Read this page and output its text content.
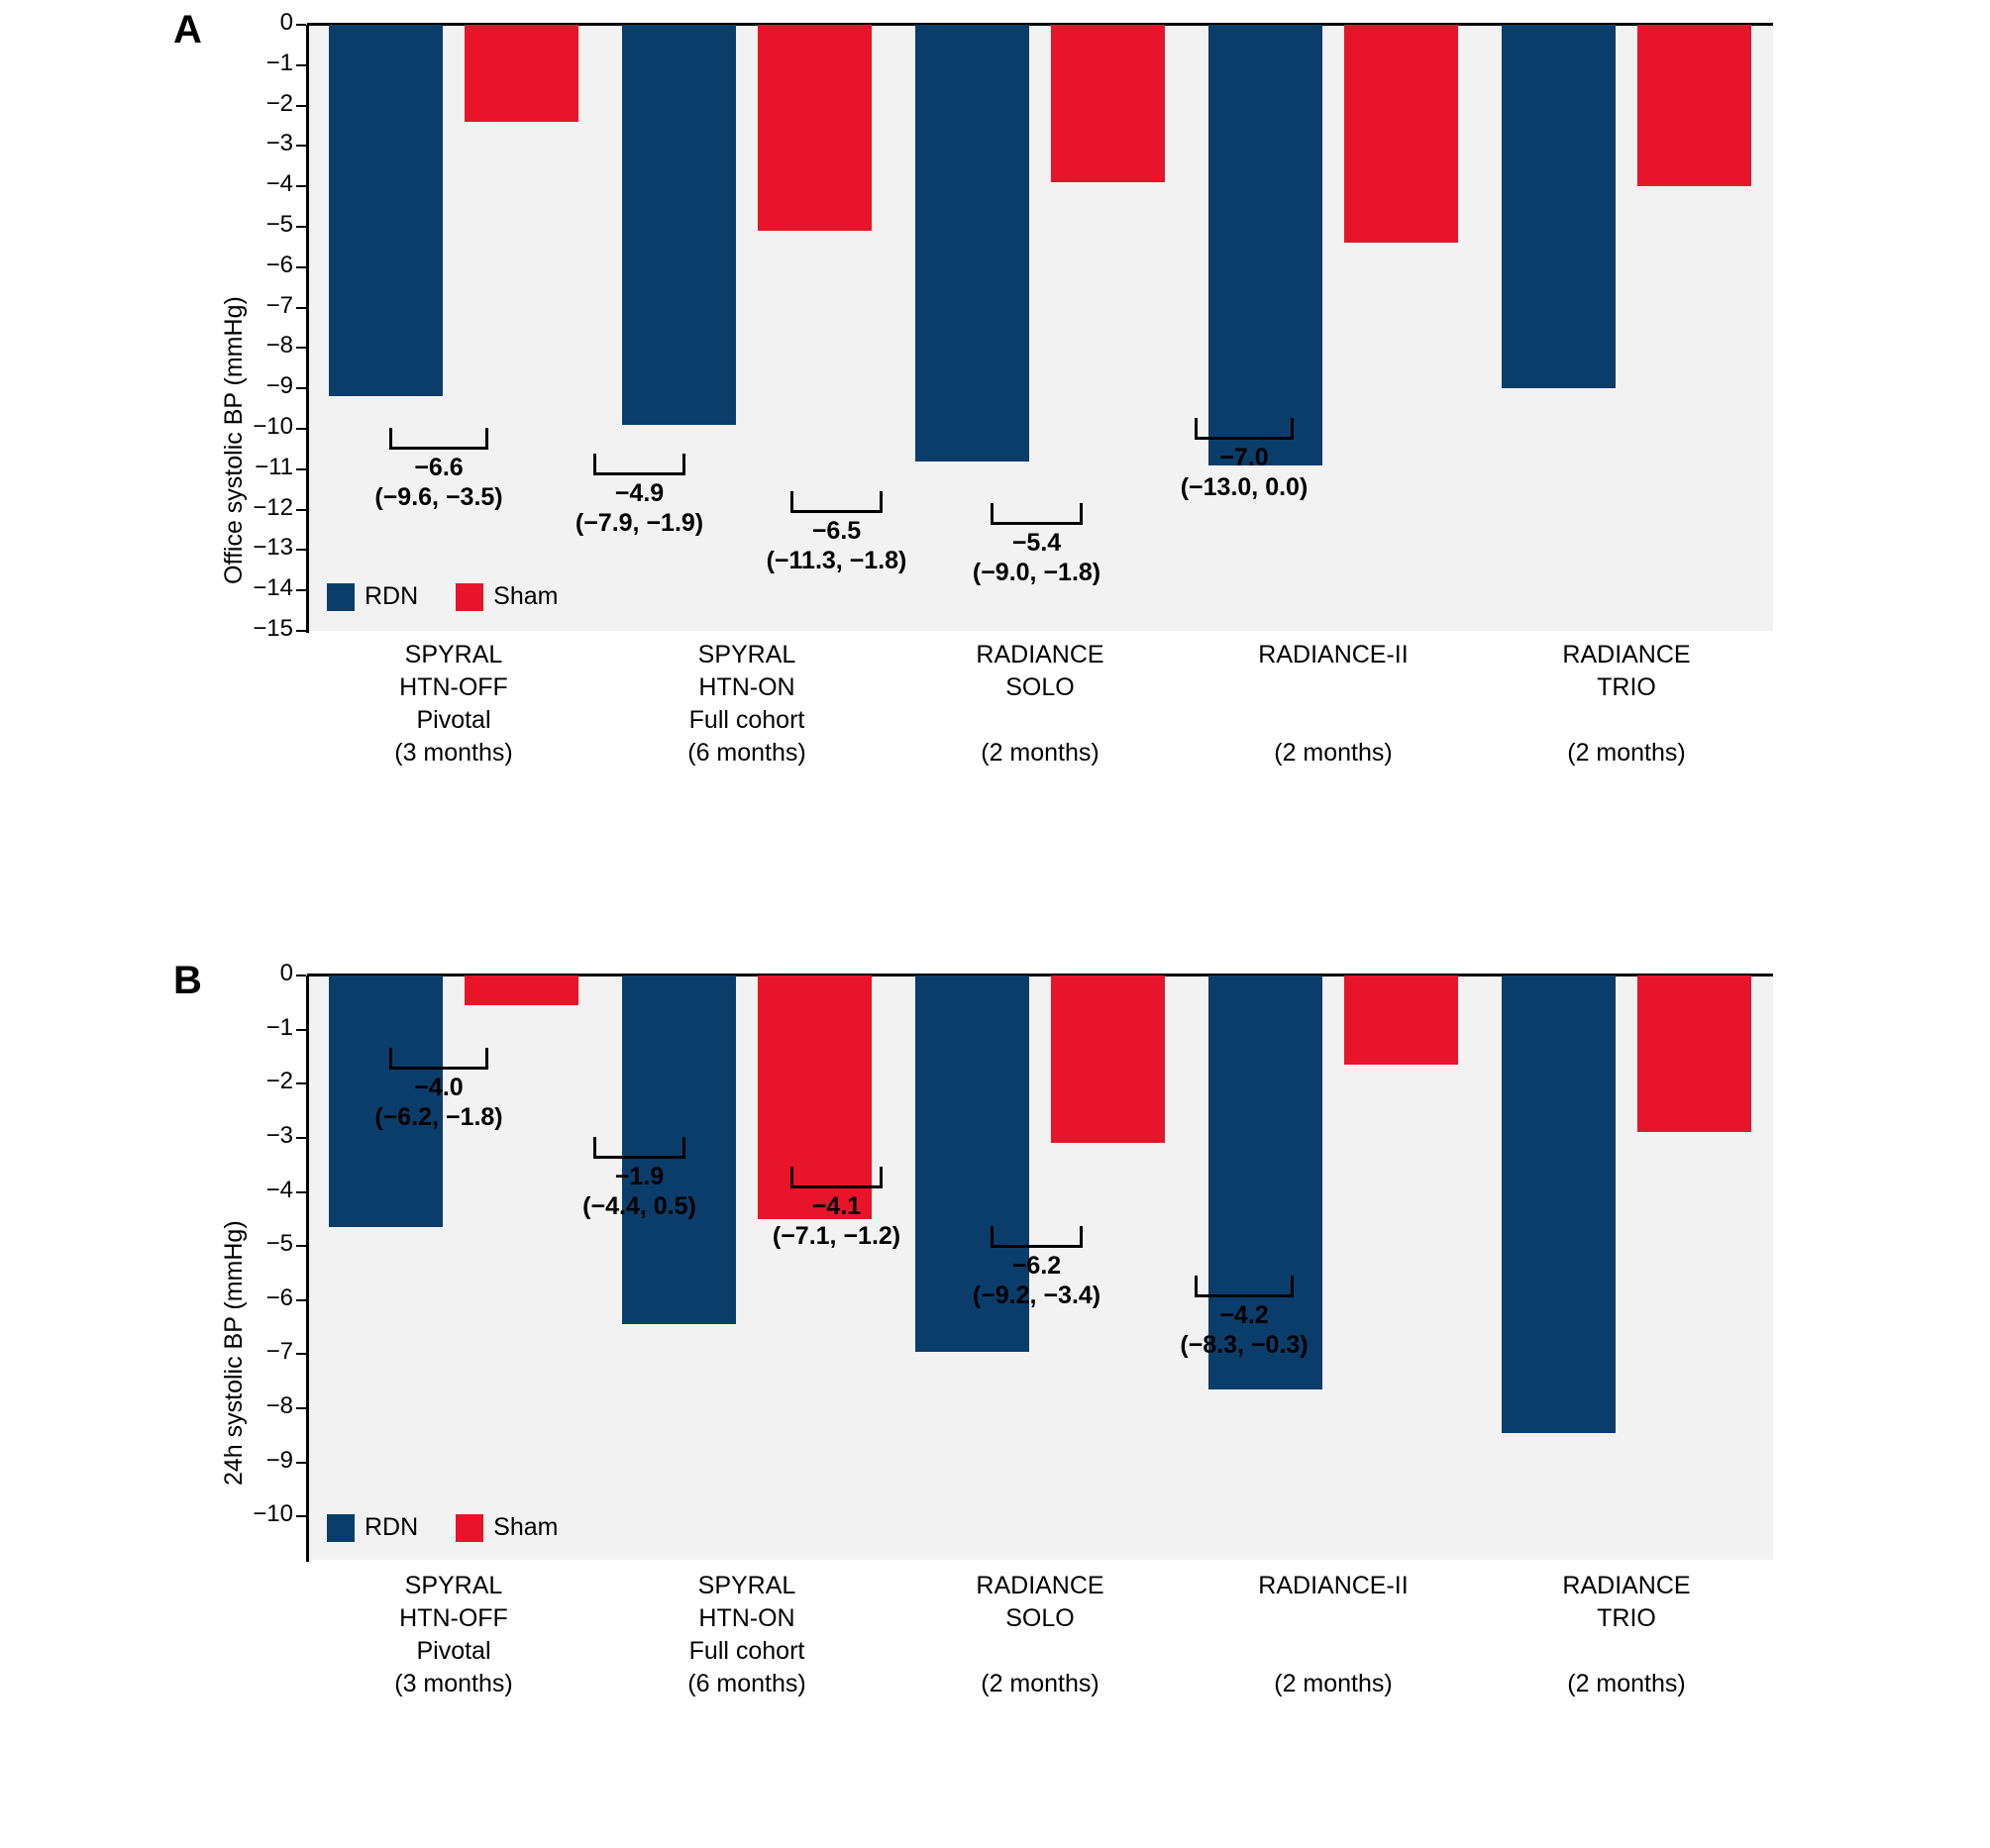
A
Office systolic BP (mmHg)
0
−1
−2
−3
−4
−5
−6
−7
−8
−9
−10
−11
−12
−13
−14
−15
−6.6
(−9.6, −3.5)	−4.9
(−7.9, −1.9)	−6.5
(−11.3, −1.8)
−5.4
(−9.0, −1.8)
−7.0
(−13.0, 0.0)
RDN	Sham
SPYRAL
HTN-OFF
Pivotal
(3 months)
SPYRAL
HTN-ON
Full cohort
(6 months)
RADIANCE
SOLO

(2 months)
RADIANCE-II

(2 months)
RADIANCE
TRIO

(2 months)
B
24h systolic BP (mmHg)
0
−1
−2
−3
−4
−5
−6
−7
−8
−9
−10
−4.0
(−6.2, −1.8)
−1.9
(−4.4, 0.5)	−4.1
(−7.1, −1.2)
−6.2
(−9.2, −3.4)
−4.2
(−8.3, −0.3)
RDN	Sham
SPYRAL
HTN-OFF
Pivotal
(3 months)
SPYRAL
HTN-ON
Full cohort
(6 months)
RADIANCE
SOLO

(2 months)
RADIANCE-II

(2 months)
RADIANCE
TRIO

(2 months)
